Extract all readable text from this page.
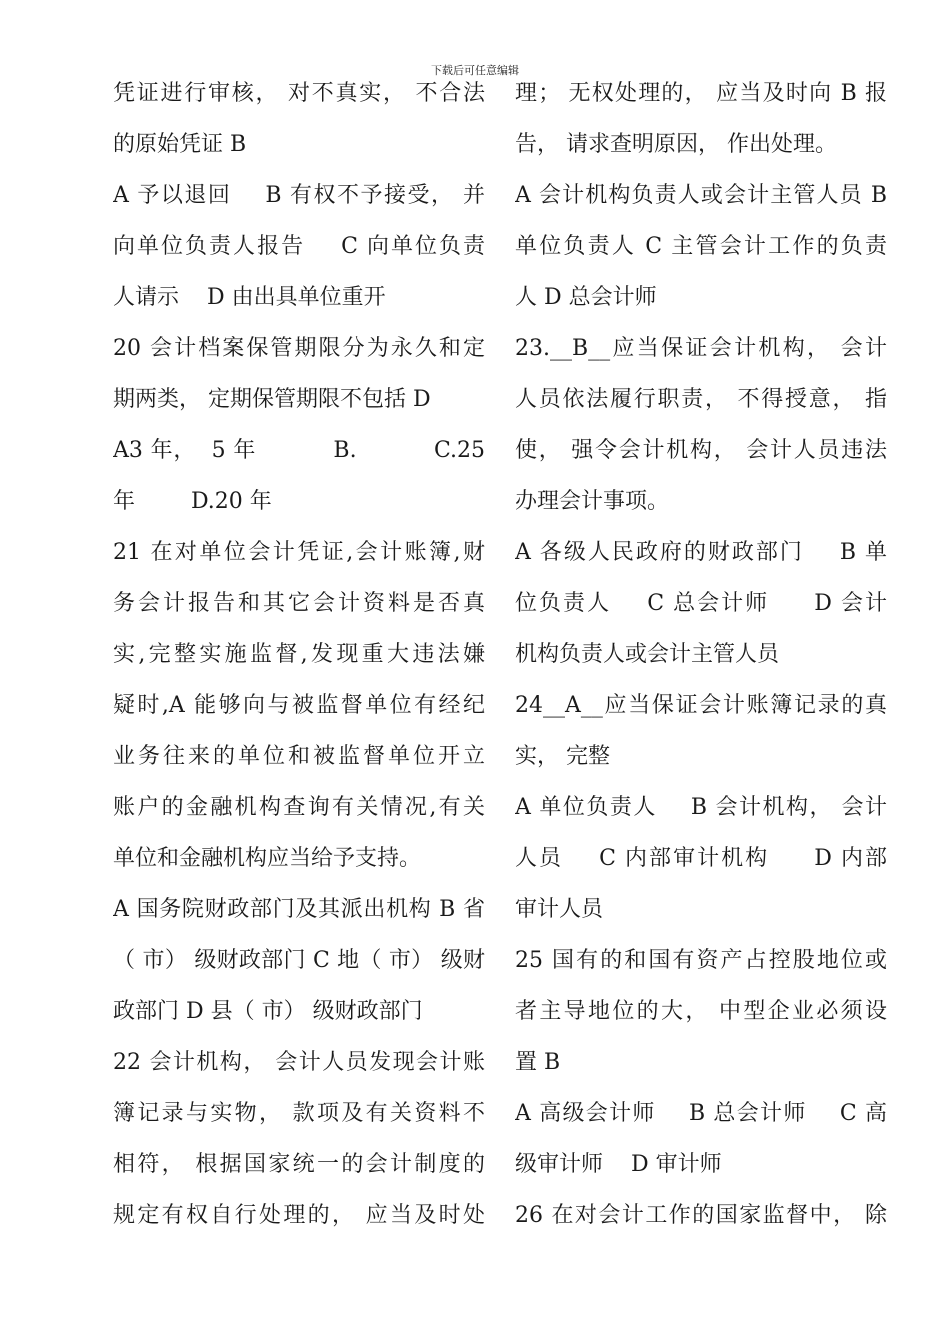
下载后可任意编辑
凭证进行审核， 对不真实， 不合法
的原始凭证 B
A 予以退回    B 有权不予接受， 并
向单位负责人报告    C 向单位负责
人请示    D 由出具单位重开
20 会计档案保管期限分为永久和定
期两类， 定期保管期限不包括 D
A3 年，  5 年          B.          C.25
年        D.20 年
21 在对单位会计凭证,会计账簿,财
务会计报告和其它会计资料是否真
实,完整实施监督,发现重大违法嫌
疑时,A 能够向与被监督单位有经纪
业务往来的单位和被监督单位开立
账户的金融机构查询有关情况,有关
单位和金融机构应当给予支持。
A 国务院财政部门及其派出机构 B 省
（ 市） 级财政部门 C 地（ 市） 级财
政部门 D 县（ 市） 级财政部门
22 会计机构， 会计人员发现会计账
簿记录与实物， 款项及有关资料不
相符， 根据国家统一的会计制度的
规定有权自行处理的， 应当及时处
理； 无权处理的， 应当及时向 B 报
告， 请求查明原因， 作出处理。
A 会计机构负责人或会计主管人员 B
单位负责人 C 主管会计工作的负责
人 D 总会计师
23.__B__应当保证会计机构， 会计
人员依法履行职责， 不得授意， 指
使， 强令会计机构， 会计人员违法
办理会计事项。
A 各级人民政府的财政部门    B 单
位负责人    C 总会计师     D 会计
机构负责人或会计主管人员
24__A__应当保证会计账簿记录的真
实， 完整
A 单位负责人    B 会计机构， 会计
人员    C 内部审计机构     D 内部
审计人员
25 国有的和国有资产占控股地位或
者主导地位的大， 中型企业必须设
置 B
A 高级会计师    B 总会计师    C 高
级审计师    D 审计师
26 在对会计工作的国家监督中， 除
